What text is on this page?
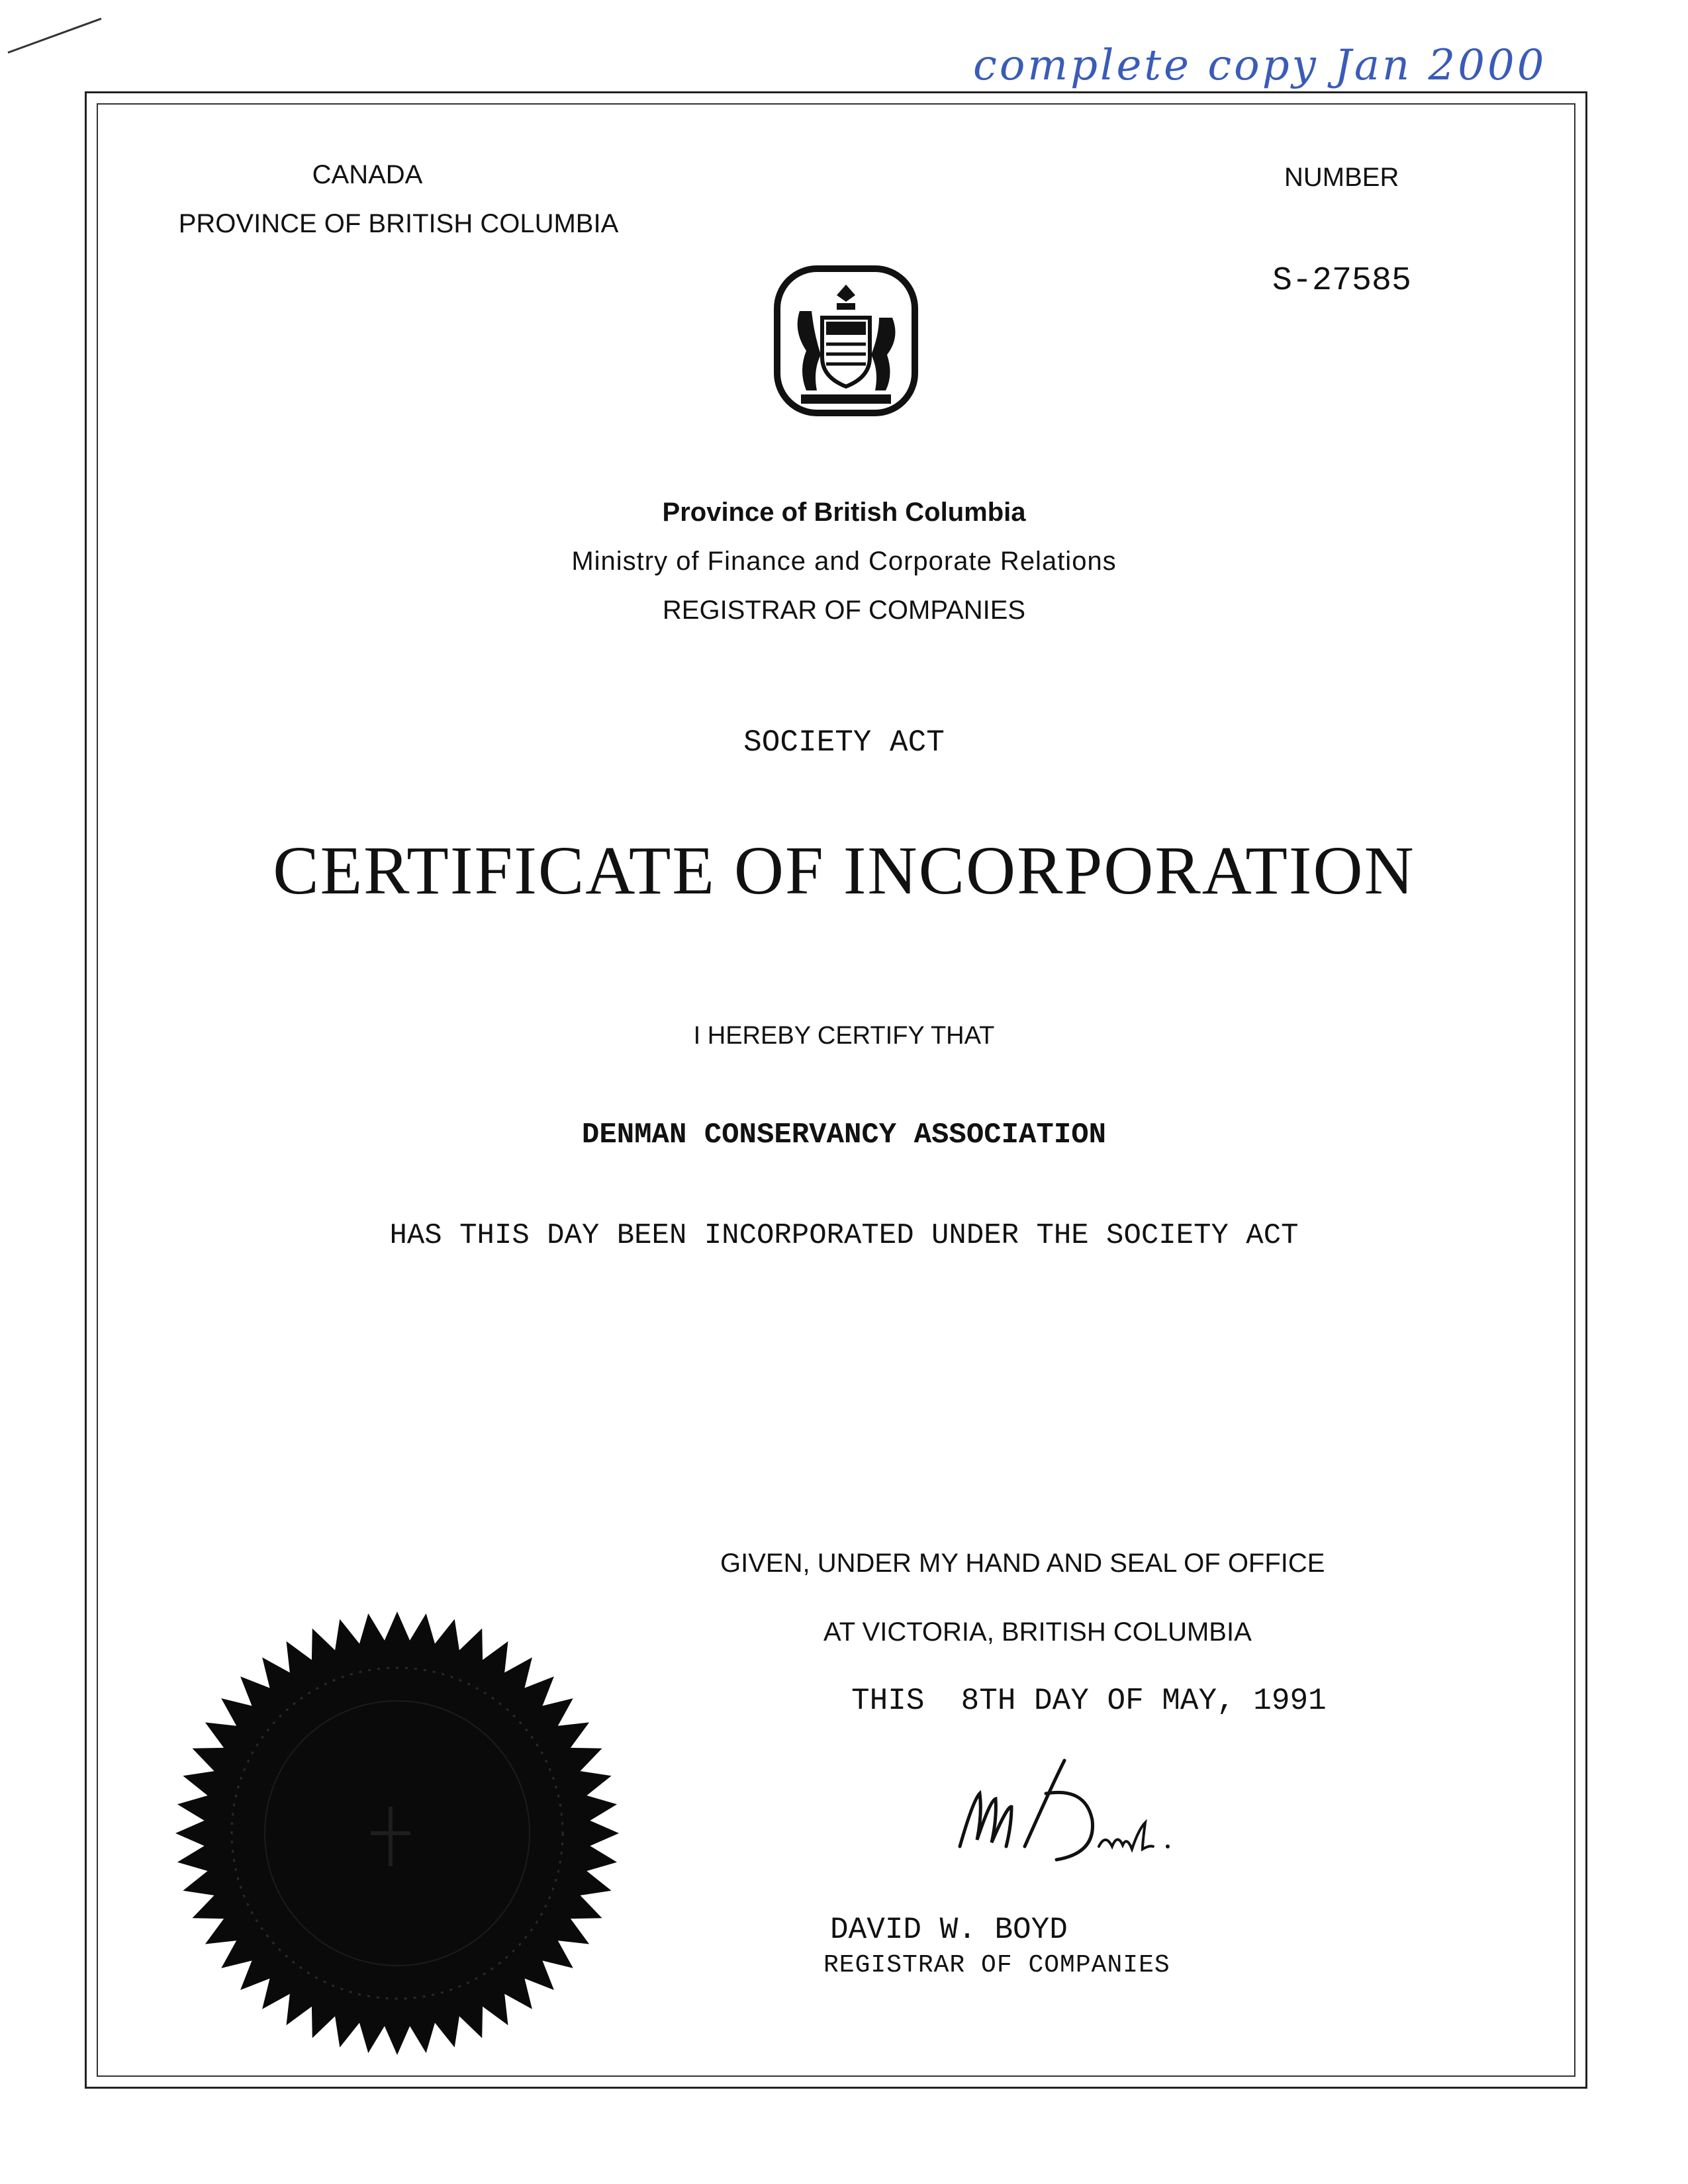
complete copy Jan 2000
CANADA
PROVINCE OF BRITISH COLUMBIA
NUMBER
S-27585
Province of British Columbia
Ministry of Finance and Corporate Relations
REGISTRAR OF COMPANIES
SOCIETY ACT
CERTIFICATE OF INCORPORATION
I HEREBY CERTIFY THAT
DENMAN CONSERVANCY ASSOCIATION
HAS THIS DAY BEEN INCORPORATED UNDER THE SOCIETY ACT
GIVEN, UNDER MY HAND AND SEAL OF OFFICE
AT VICTORIA, BRITISH COLUMBIA
THIS  8TH DAY OF MAY, 1991
DAVID W. BOYD
REGISTRAR OF COMPANIES
